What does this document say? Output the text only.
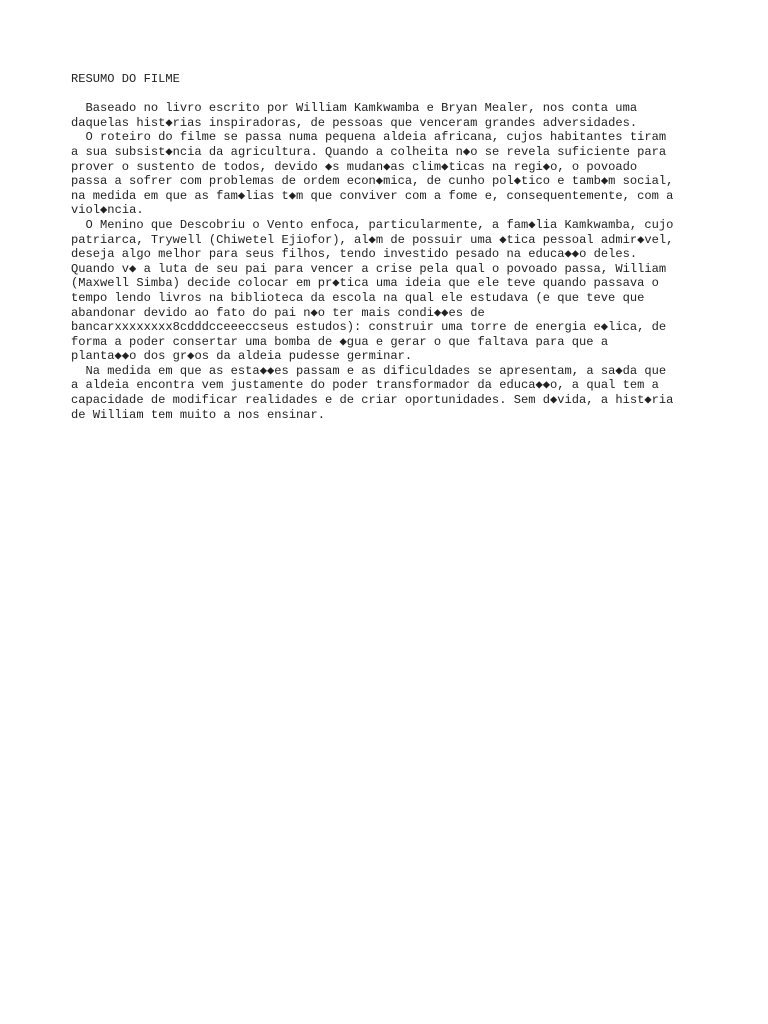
RESUMO DO FILME
Baseado no livro escrito por William Kamkwamba e Bryan Mealer, nos conta uma
daquelas hist◆rias inspiradoras, de pessoas que venceram grandes adversidades.
O roteiro do filme se passa numa pequena aldeia africana, cujos habitantes tiram
a sua subsist◆ncia da agricultura. Quando a colheita n◆o se revela suficiente para
prover o sustento de todos, devido ◆s mudan◆as clim◆ticas na regi◆o, o povoado
passa a sofrer com problemas de ordem econ◆mica, de cunho pol◆tico e tamb◆m social,
na medida em que as fam◆lias t◆m que conviver com a fome e, consequentemente, com a
viol◆ncia.
O Menino que Descobriu o Vento enfoca, particularmente, a fam◆lia Kamkwamba, cujo
patriarca, Trywell (Chiwetel Ejiofor), al◆m de possuir uma ◆tica pessoal admir◆vel,
deseja algo melhor para seus filhos, tendo investido pesado na educa◆◆o deles.
Quando v◆ a luta de seu pai para vencer a crise pela qual o povoado passa, William
(Maxwell Simba) decide colocar em pr◆tica uma ideia que ele teve quando passava o
tempo lendo livros na biblioteca da escola na qual ele estudava (e que teve que
abandonar devido ao fato do pai n◆o ter mais condi◆◆es de
bancarxxxxxxxx8cdddcceeeccseus estudos): construir uma torre de energia e◆lica, de
forma a poder consertar uma bomba de ◆gua e gerar o que faltava para que a
planta◆◆o dos gr◆os da aldeia pudesse germinar.
Na medida em que as esta◆◆es passam e as dificuldades se apresentam, a sa◆da que
a aldeia encontra vem justamente do poder transformador da educa◆◆o, a qual tem a
capacidade de modificar realidades e de criar oportunidades. Sem d◆vida, a hist◆ria
de William tem muito a nos ensinar.
